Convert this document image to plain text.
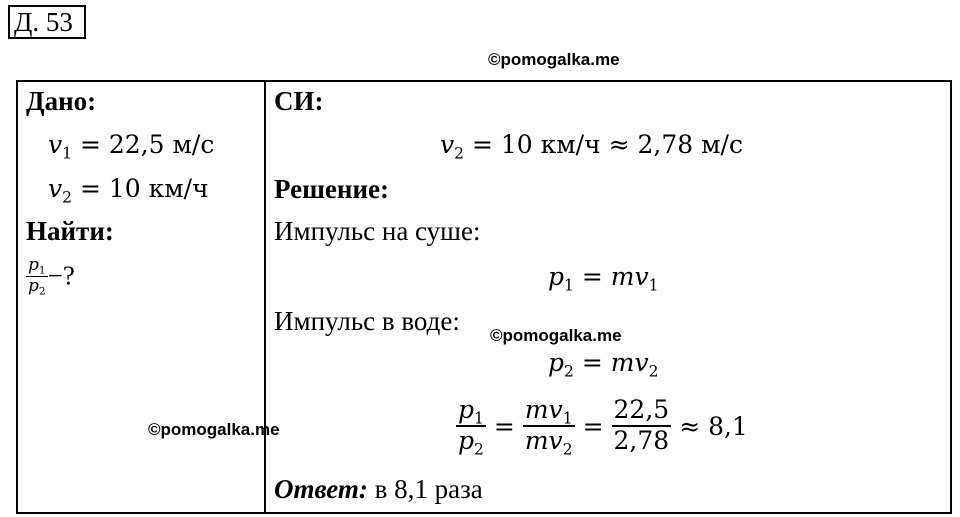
Д. 53
©pomogalka.me
Дано:
$v_1 = 22,5$ м/с
$v_2 = 10$ км/ч
Найти:
$\frac{p_1}{p_2}$ −?
СИ:
$v_2 = 10$ км/ч ≈ 2,78 м/с
Решение:
Импульс на суше:
$p_1 = mv_1$
Импульс в воде: ©pomogalka.me
$p_2 = mv_2$
$\frac{p_1}{p_2} = \frac{mv_1}{mv_2} = \frac{22,5}{2,78} \approx 8,1$
©pomogalka.me
Ответ: в 8,1 раза
